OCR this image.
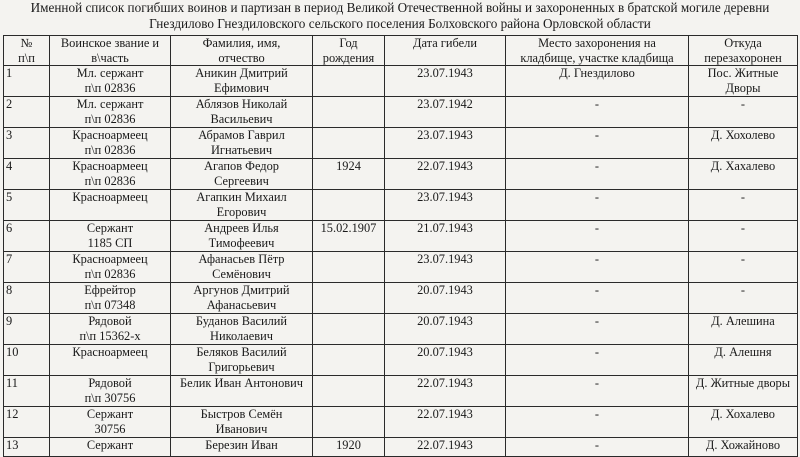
Именной список погибших воинов и партизан в период Великой Отечественной войны и захороненных в братской могиле деревни
Гнездилово Гнездиловского сельского поселения Болховского района Орловской области
№
п\п	Воинское звание и
в\часть	Фамилия, имя,
отчество	Год
рождения	Дата гибели	Место захоронения на
кладбище, участке кладбища	Откуда
перезахоронен

1	Мл. сержант
п\п 02836	Аникин Дмитрий
Ефимович		23.07.1943	Д. Гнездилово	Пос. Житные
Дворы

2	Мл. сержант
п\п 02836	Аблязов Николай
Васильевич		23.07.1942	-	-

3	Красноармеец
п\п 02836	Абрамов Гаврил
Игнатьевич		23.07.1943	-	Д. Хохолево

4	Красноармеец
п\п 02836	Агапов Федор
Сергеевич	1924	22.07.1943	-	Д. Хахалево

5	Красноармеец	Агапкин Михаил
Егорович		23.07.1943	-	-

6	Сержант
1185 СП	Андреев Илья
Тимофеевич	15.02.1907	21.07.1943	-	-

7	Красноармеец
п\п 02836	Афанасьев Пётр
Семёнович		23.07.1943	-	-

8	Ефрейтор
п\п 07348	Аргунов Дмитрий
Афанасьевич		20.07.1943	-	-

9	Рядовой
п\п 15362-х	Буданов Василий
Николаевич		20.07.1943	-	Д. Алешина

10	Красноармеец	Беляков Василий
Григорьевич		20.07.1943	-	Д. Алешня

11	Рядовой
п\п 30756	Белик Иван Антонович		22.07.1943	-	Д. Житные дворы

12	Сержант
30756	Быстров Семён
Иванович		22.07.1943	-	Д. Хохалево

13	Сержант	Березин Иван	1920	22.07.1943	-	Д. Хожайново
